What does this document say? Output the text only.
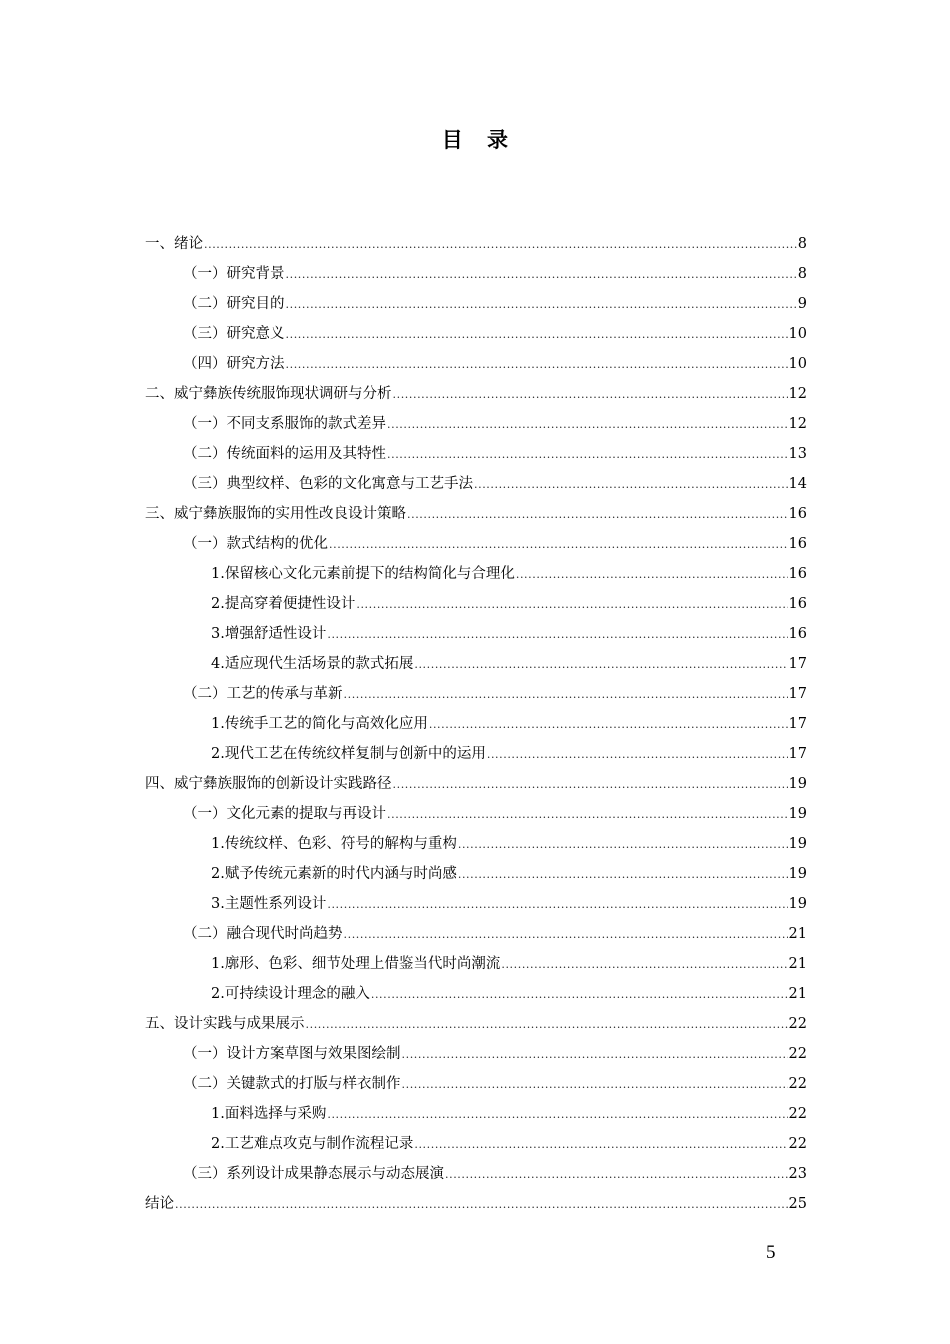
目 录
一、绪论 .....	8
（一）研究背景 .....	8
（二）研究目的 .....	9
（三）研究意义 .....	10
（四）研究方法 .....	10
二、威宁彝族传统服饰现状调研与分析 .....	12
（一）不同支系服饰的款式差异 .....	12
（二）传统面料的运用及其特性 .....	13
（三）典型纹样、色彩的文化寓意与工艺手法 .....	14
三、威宁彝族服饰的实用性改良设计策略 .....	16
（一）款式结构的优化 .....	16
1.保留核心文化元素前提下的结构简化与合理化 .....	16
2.提高穿着便捷性设计 .....	16
3.增强舒适性设计 .....	16
4.适应现代生活场景的款式拓展 .....	17
（二）工艺的传承与革新 .....	17
1.传统手工艺的简化与高效化应用 .....	17
2.现代工艺在传统纹样复制与创新中的运用 .....	17
四、威宁彝族服饰的创新设计实践路径 .....	19
（一）文化元素的提取与再设计 .....	19
1.传统纹样、色彩、符号的解构与重构 .....	19
2.赋予传统元素新的时代内涵与时尚感 .....	19
3.主题性系列设计 .....	19
（二）融合现代时尚趋势 .....	21
1.廓形、色彩、细节处理上借鉴当代时尚潮流 .....	21
2.可持续设计理念的融入 .....	21
五、设计实践与成果展示 .....	22
（一）设计方案草图与效果图绘制 .....	22
（二）关键款式的打版与样衣制作 .....	22
1.面料选择与采购 .....	22
2.工艺难点攻克与制作流程记录 .....	22
（三）系列设计成果静态展示与动态展演 .....	23
结论 .....	25
5
